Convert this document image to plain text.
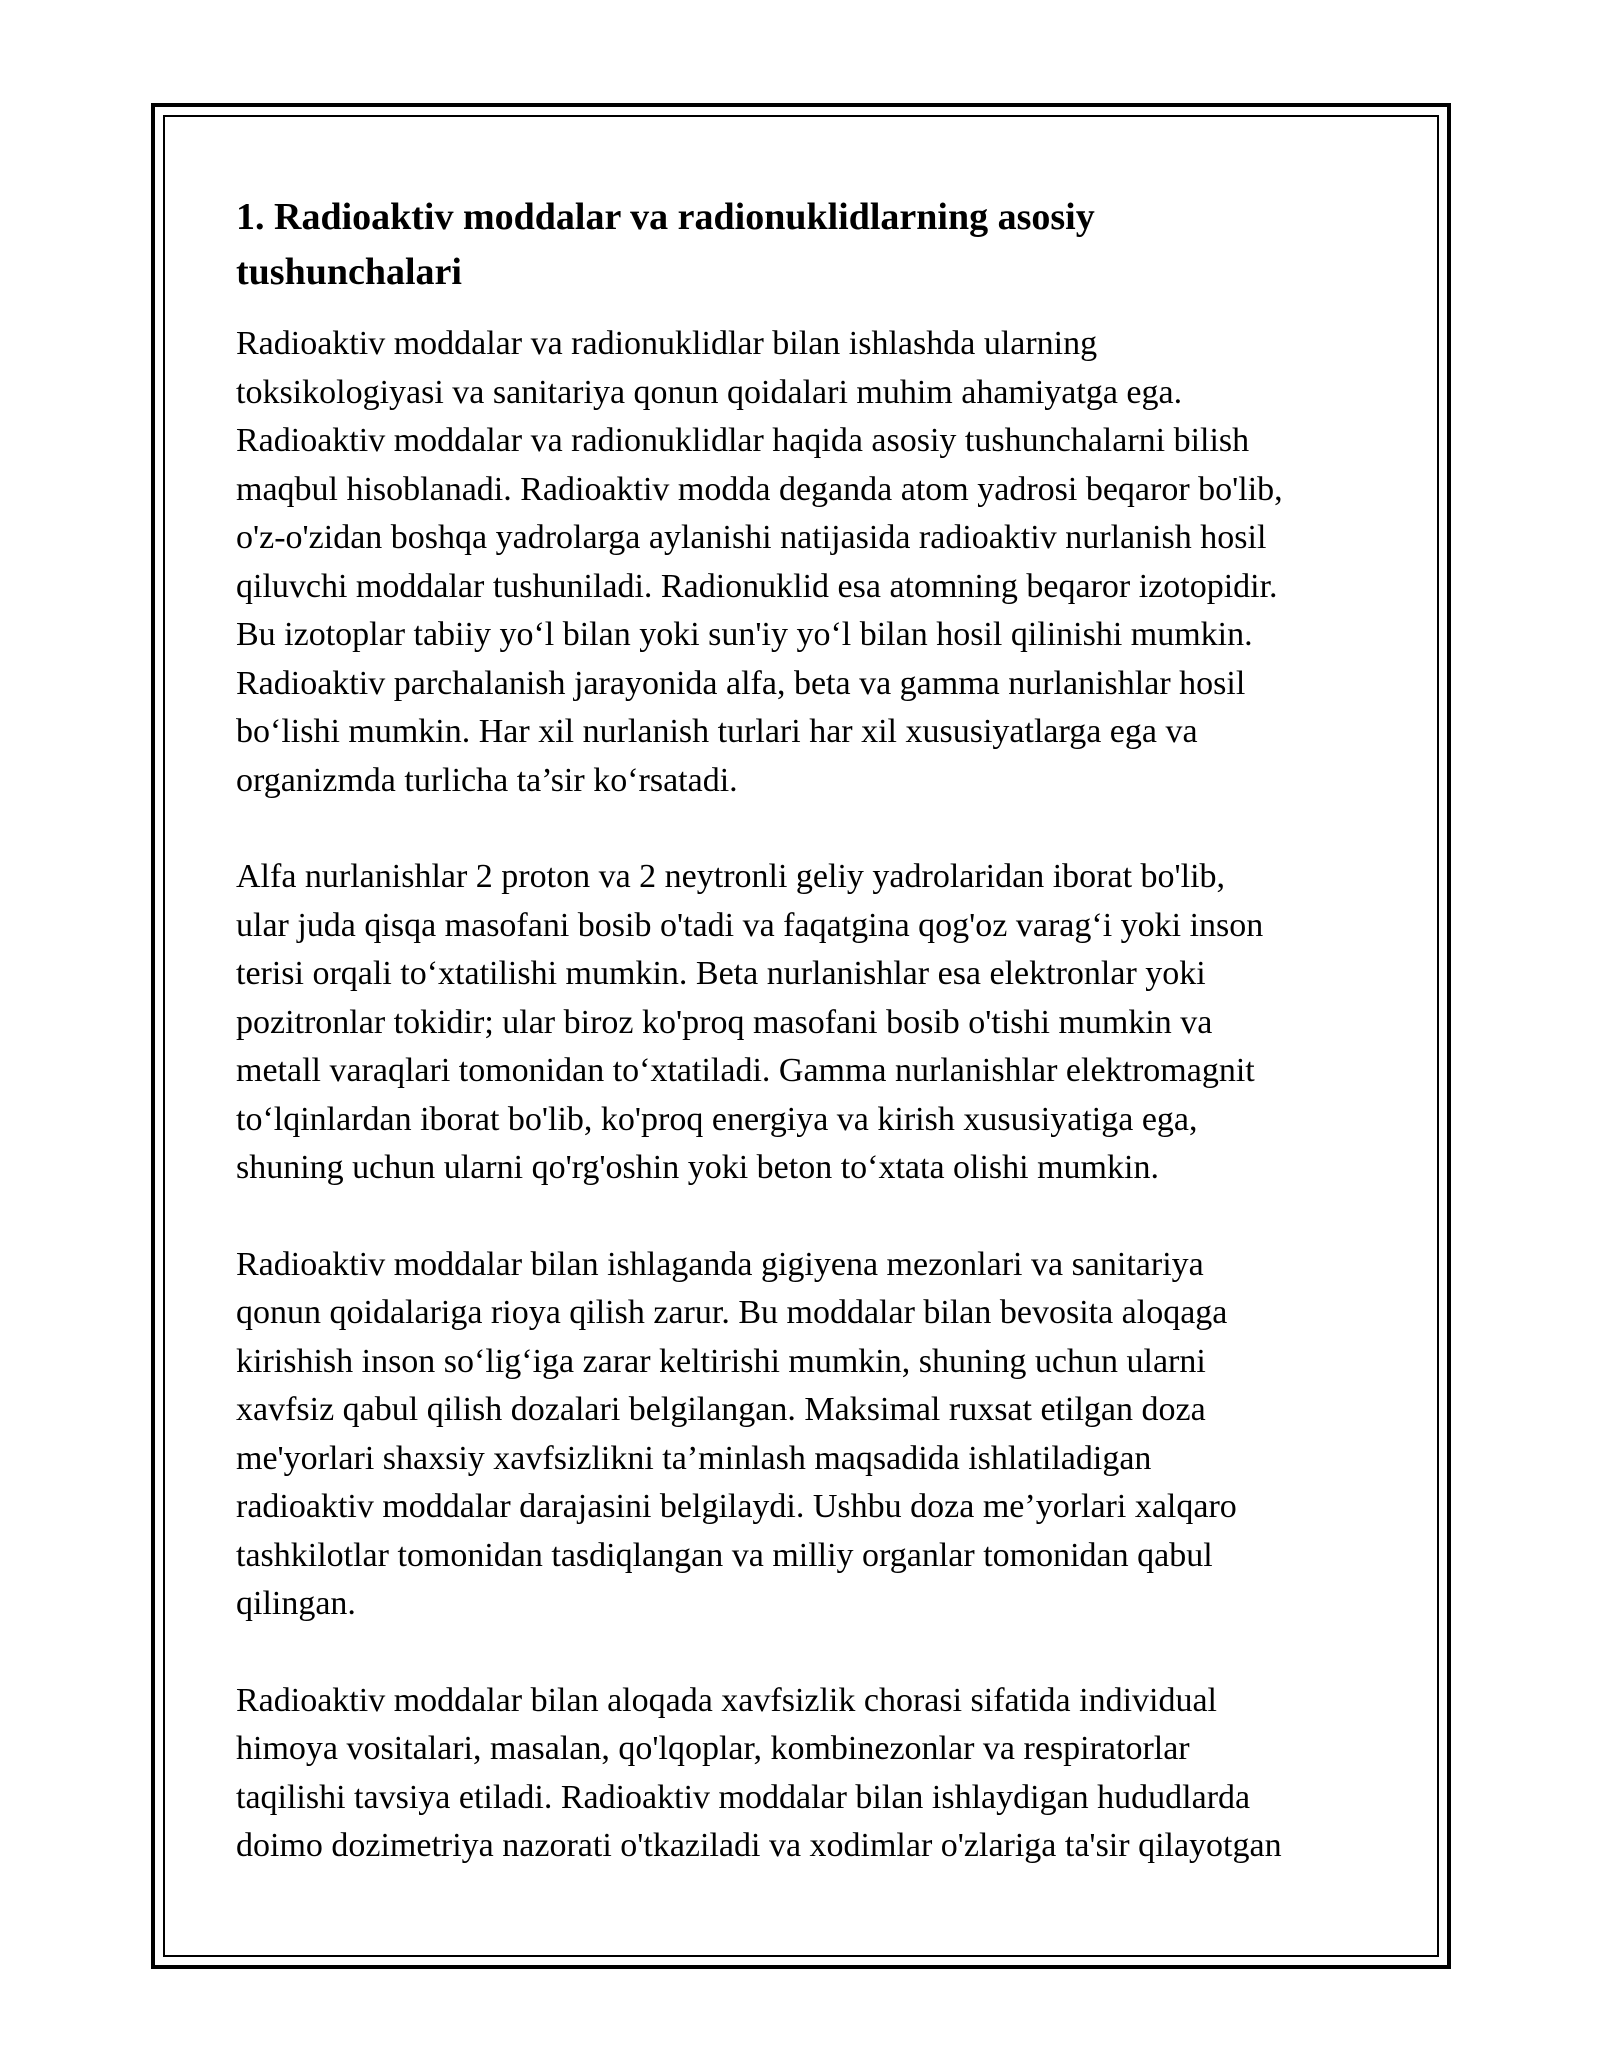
1. Radioaktiv moddalar va radionuklidlarning asosiy
tushunchalari

Radioaktiv moddalar va radionuklidlar bilan ishlashda ularning
toksikologiyasi va sanitariya qonun qoidalari muhim ahamiyatga ega.
Radioaktiv moddalar va radionuklidlar haqida asosiy tushunchalarni bilish
maqbul hisoblanadi. Radioaktiv modda deganda atom yadrosi beqaror bo'lib,
o'z-o'zidan boshqa yadrolarga aylanishi natijasida radioaktiv nurlanish hosil
qiluvchi moddalar tushuniladi. Radionuklid esa atomning beqaror izotopidir.
Bu izotoplar tabiiy yo‘l bilan yoki sun'iy yo‘l bilan hosil qilinishi mumkin.
Radioaktiv parchalanish jarayonida alfa, beta va gamma nurlanishlar hosil
bo‘lishi mumkin. Har xil nurlanish turlari har xil xususiyatlarga ega va
organizmda turlicha ta’sir ko‘rsatadi.

Alfa nurlanishlar 2 proton va 2 neytronli geliy yadrolaridan iborat bo'lib,
ular juda qisqa masofani bosib o'tadi va faqatgina qog'oz varag‘i yoki inson
terisi orqali to‘xtatilishi mumkin. Beta nurlanishlar esa elektronlar yoki
pozitronlar tokidir; ular biroz ko'proq masofani bosib o'tishi mumkin va
metall varaqlari tomonidan to‘xtatiladi. Gamma nurlanishlar elektromagnit
to‘lqinlardan iborat bo'lib, ko'proq energiya va kirish xususiyatiga ega,
shuning uchun ularni qo'rg'oshin yoki beton to‘xtata olishi mumkin.

Radioaktiv moddalar bilan ishlaganda gigiyena mezonlari va sanitariya
qonun qoidalariga rioya qilish zarur. Bu moddalar bilan bevosita aloqaga
kirishish inson so‘lig‘iga zarar keltirishi mumkin, shuning uchun ularni
xavfsiz qabul qilish dozalari belgilangan. Maksimal ruxsat etilgan doza
me'yorlari shaxsiy xavfsizlikni ta’minlash maqsadida ishlatiladigan
radioaktiv moddalar darajasini belgilaydi. Ushbu doza me’yorlari xalqaro
tashkilotlar tomonidan tasdiqlangan va milliy organlar tomonidan qabul
qilingan.

Radioaktiv moddalar bilan aloqada xavfsizlik chorasi sifatida individual
himoya vositalari, masalan, qo'lqoplar, kombinezonlar va respiratorlar
taqilishi tavsiya etiladi. Radioaktiv moddalar bilan ishlaydigan hududlarda
doimo dozimetriya nazorati o'tkaziladi va xodimlar o'zlariga ta'sir qilayotgan
